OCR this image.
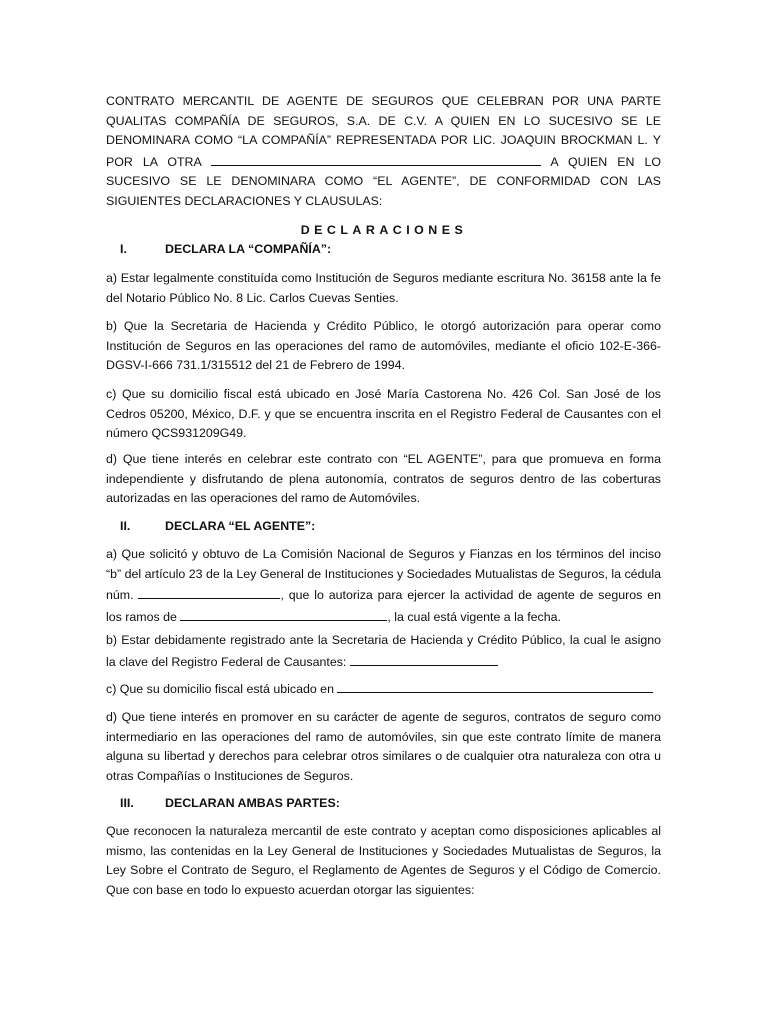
CONTRATO MERCANTIL DE AGENTE DE SEGUROS QUE CELEBRAN POR UNA PARTE QUALITAS COMPAÑÍA DE SEGUROS, S.A. DE C.V. A QUIEN EN LO SUCESIVO SE LE DENOMINARA COMO “LA COMPAÑÍA” REPRESENTADA POR LIC. JOAQUIN BROCKMAN L. Y POR LA OTRA	A QUIEN EN LO SUCESIVO SE LE DENOMINARA COMO “EL AGENTE”, DE CONFORMIDAD CON LAS SIGUIENTES DECLARACIONES Y CLAUSULAS:

DECLARACIONES

I.	DECLARA LA “COMPAÑÍA”:

a) Estar legalmente constituída como Institución de Seguros mediante escritura No. 36158 ante la fe del Notario Público No. 8 Lic. Carlos Cuevas Senties.

b) Que la Secretaria de Hacienda y Crédito Público, le otorgó autorización para operar como Institución de Seguros en las operaciones del ramo de automóviles, mediante el oficio 102-E-366-DGSV-I-666 731.1/315512 del 21 de Febrero de 1994.

c) Que su domicilio fiscal está ubicado en José María Castorena No. 426 Col. San José de los Cedros 05200, México, D.F. y que se encuentra inscrita en el Registro Federal de Causantes con el número QCS931209G49.

d) Que tiene interés en celebrar este contrato con “EL AGENTE”, para que promueva en forma independiente y disfrutando de plena autonomía, contratos de seguros dentro de las coberturas autorizadas en las operaciones del ramo de Automóviles.

II.	DECLARA “EL AGENTE”:

a) Que solicitó y obtuvo de La Comisión Nacional de Seguros y Fianzas en los términos del inciso “b” del artículo 23 de la Ley General de Instituciones y Sociedades Mutualistas de Seguros, la cédula núm.	, que lo autoriza para ejercer la actividad de agente de seguros en los ramos de	, la cual está vigente a la fecha.

b) Estar debidamente registrado ante la Secretaria de Hacienda y Crédito Público, la cual le asigno la clave del Registro Federal de Causantes:

c) Que su domicilio fiscal está ubicado en

d) Que tiene interés en promover en su carácter de agente de seguros, contratos de seguro como intermediario en las operaciones del ramo de automóviles, sin que este contrato límite de manera alguna su libertad y derechos para celebrar otros similares o de cualquier otra naturaleza con otra u otras Compañías o Instituciones de Seguros.

III.	DECLARAN AMBAS PARTES:

Que reconocen la naturaleza mercantil de este contrato y aceptan como disposiciones aplicables al mismo, las contenidas en la Ley General de Instituciones y Sociedades Mutualistas de Seguros, la Ley Sobre el Contrato de Seguro, el Reglamento de Agentes de Seguros y el Código de Comercio. Que con base en todo lo expuesto acuerdan otorgar las siguientes:
